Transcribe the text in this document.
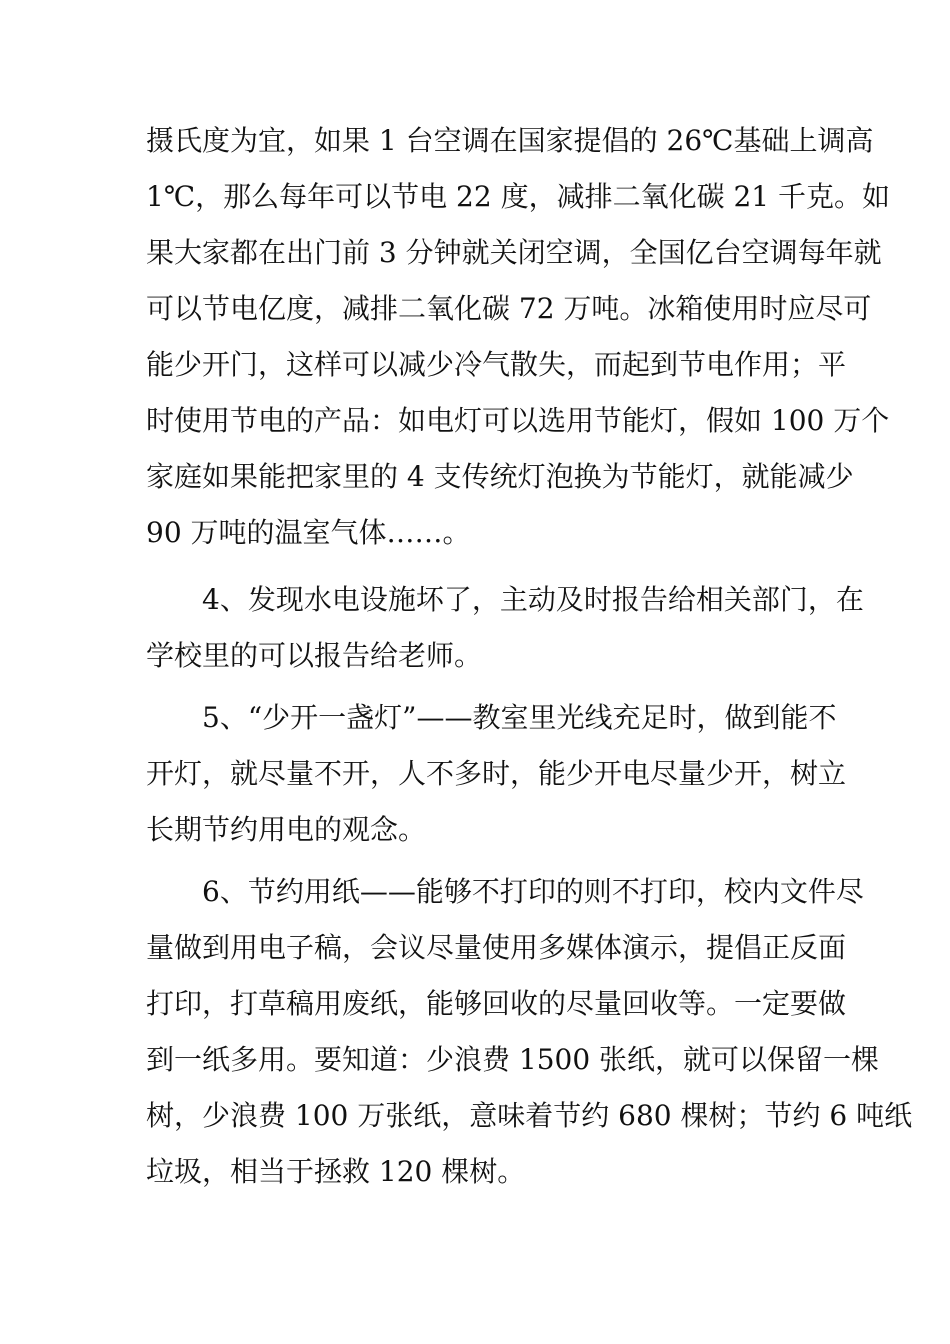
摄氏度为宜，如果 1 台空调在国家提倡的 26℃基础上调高
1℃，那么每年可以节电 22 度，减排二氧化碳 21 千克。如
果大家都在出门前 3 分钟就关闭空调，全国亿台空调每年就
可以节电亿度，减排二氧化碳 72 万吨。冰箱使用时应尽可
能少开门，这样可以减少冷气散失，而起到节电作用；平
时使用节电的产品：如电灯可以选用节能灯，假如 100 万个
家庭如果能把家里的 4 支传统灯泡换为节能灯，就能减少
90 万吨的温室气体……。
4、发现水电设施坏了，主动及时报告给相关部门，在
学校里的可以报告给老师。
5、“少开一盏灯”——教室里光线充足时，做到能不
开灯，就尽量不开，人不多时，能少开电尽量少开，树立
长期节约用电的观念。
6、节约用纸——能够不打印的则不打印，校内文件尽
量做到用电子稿，会议尽量使用多媒体演示，提倡正反面
打印，打草稿用废纸，能够回收的尽量回收等。一定要做
到一纸多用。要知道：少浪费 1500 张纸，就可以保留一棵
树，少浪费 100 万张纸，意味着节约 680 棵树；节约 6 吨纸
垃圾，相当于拯救 120 棵树。
